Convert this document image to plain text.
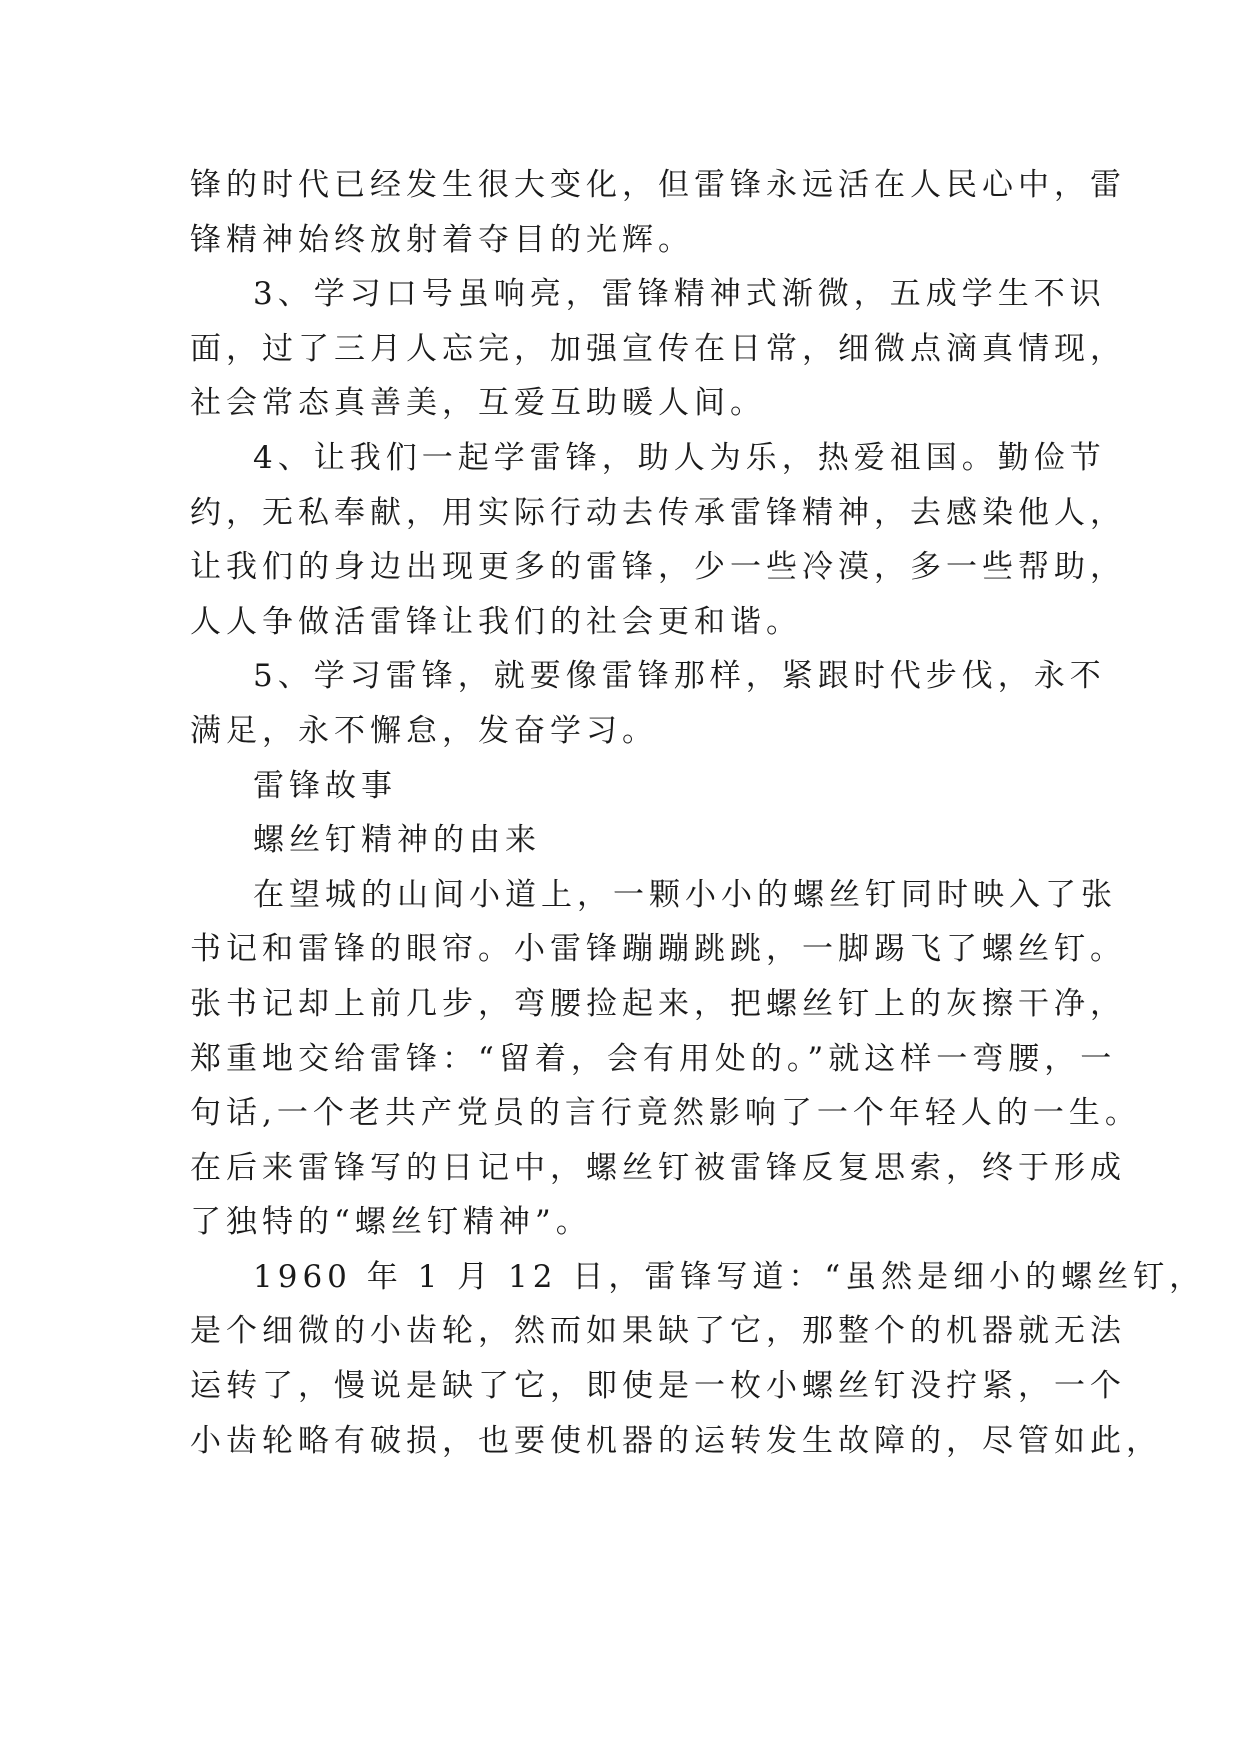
锋的时代已经发生很大变化，但雷锋永远活在人民心中，雷
锋精神始终放射着夺目的光辉。
3、学习口号虽响亮，雷锋精神式渐微，五成学生不识
面，过了三月人忘完，加强宣传在日常，细微点滴真情现，
社会常态真善美，互爱互助暖人间。
4、让我们一起学雷锋，助人为乐，热爱祖国。勤俭节
约，无私奉献，用实际行动去传承雷锋精神，去感染他人，
让我们的身边出现更多的雷锋，少一些冷漠，多一些帮助，
人人争做活雷锋让我们的社会更和谐。
5、学习雷锋，就要像雷锋那样，紧跟时代步伐，永不
满足，永不懈怠，发奋学习。
雷锋故事
螺丝钉精神的由来
在望城的山间小道上，一颗小小的螺丝钉同时映入了张
书记和雷锋的眼帘。小雷锋蹦蹦跳跳，一脚踢飞了螺丝钉。
张书记却上前几步，弯腰捡起来，把螺丝钉上的灰擦干净，
郑重地交给雷锋：“留着，会有用处的。”就这样一弯腰，一
句话,一个老共产党员的言行竟然影响了一个年轻人的一生。
在后来雷锋写的日记中，螺丝钉被雷锋反复思索，终于形成
了独特的“螺丝钉精神”。
1960 年 1 月 12 日，雷锋写道：“虽然是细小的螺丝钉，
是个细微的小齿轮，然而如果缺了它，那整个的机器就无法
运转了，慢说是缺了它，即使是一枚小螺丝钉没拧紧，一个
小齿轮略有破损，也要使机器的运转发生故障的，尽管如此，
